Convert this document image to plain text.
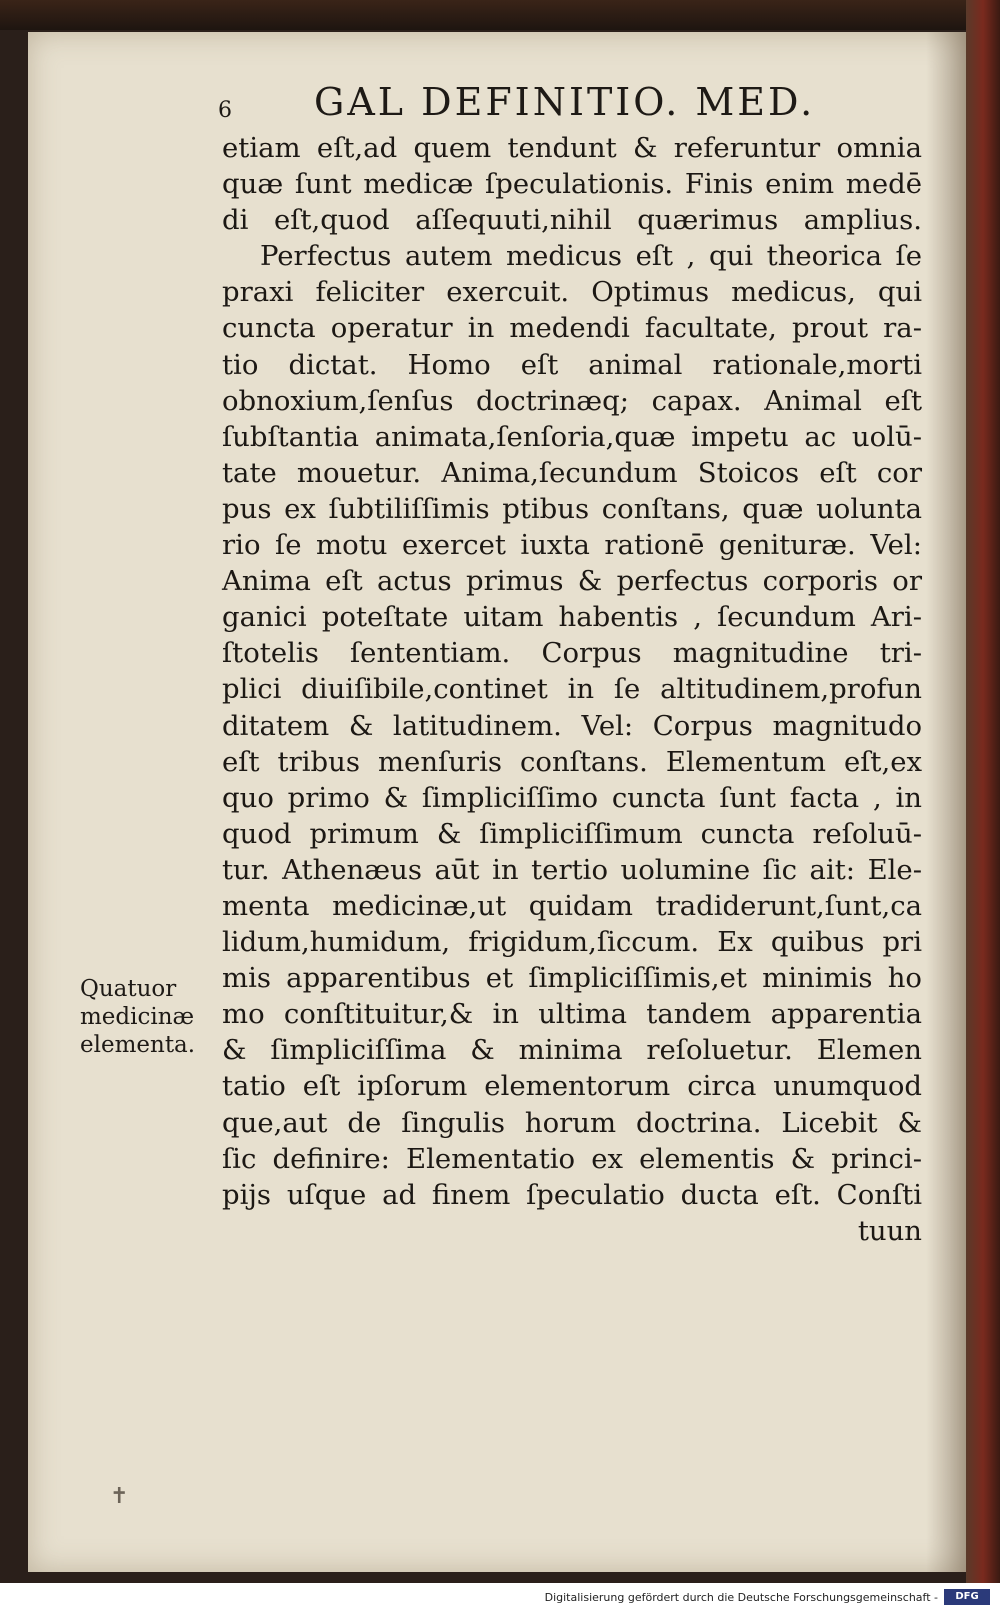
6 GAL DEFINITIO. MED.
etiam eſt,ad quem tendunt & referuntur omnia
quæ ſunt medicæ ſpeculationis. Finis enim medē
di eſt,quod aſſequuti,nihil quærimus amplius.
Perfectus autem medicus eſt , qui theorica ſe
praxi feliciter exercuit. Optimus medicus, qui
cuncta operatur in medendi facultate, prout ra-
tio dictat. Homo eſt animal rationale,morti
obnoxium,ſenſus doctrinæq; capax. Animal eſt
ſubſtantia animata,ſenſoria,quæ impetu ac uolū-
tate mouetur. Anima,ſecundum Stoicos eſt cor
pus ex ſubtiliſſimis ptibus conſtans, quæ uolunta
rio ſe motu exercet iuxta rationē genituræ. Vel:
Anima eſt actus primus & perfectus corporis or
ganici poteſtate uitam habentis , ſecundum Ari-
ſtotelis ſententiam. Corpus magnitudine tri-
plici diuiſibile,continet in ſe altitudinem,profun
ditatem & latitudinem. Vel: Corpus magnitudo
eſt tribus menſuris conſtans. Elementum eſt,ex
quo primo & ſimpliciſſimo cuncta ſunt facta , in
quod primum & ſimpliciſſimum cuncta reſoluū-
tur. Athenæus aūt in tertio uolumine ſic ait: Ele-
menta medicinæ,ut quidam tradiderunt,ſunt,ca
lidum,humidum, frigidum,ſiccum. Ex quibus pri
mis apparentibus et ſimpliciſſimis,et minimis ho
mo conſtituitur,& in ultima tandem apparentia
& ſimpliciſſima & minima reſoluetur. Elemen
tatio eſt ipſorum elementorum circa unumquod
que,aut de ſingulis horum doctrina. Licebit &
ſic definire: Elementatio ex elementis & princi-
pijs uſque ad finem ſpeculatio ducta eſt. Conſti
tuun
Quatuor
medicinæ
elementa.
✝
Digitalisierung gefördert durch die Deutsche Forschungsgemeinschaft -	DFG
